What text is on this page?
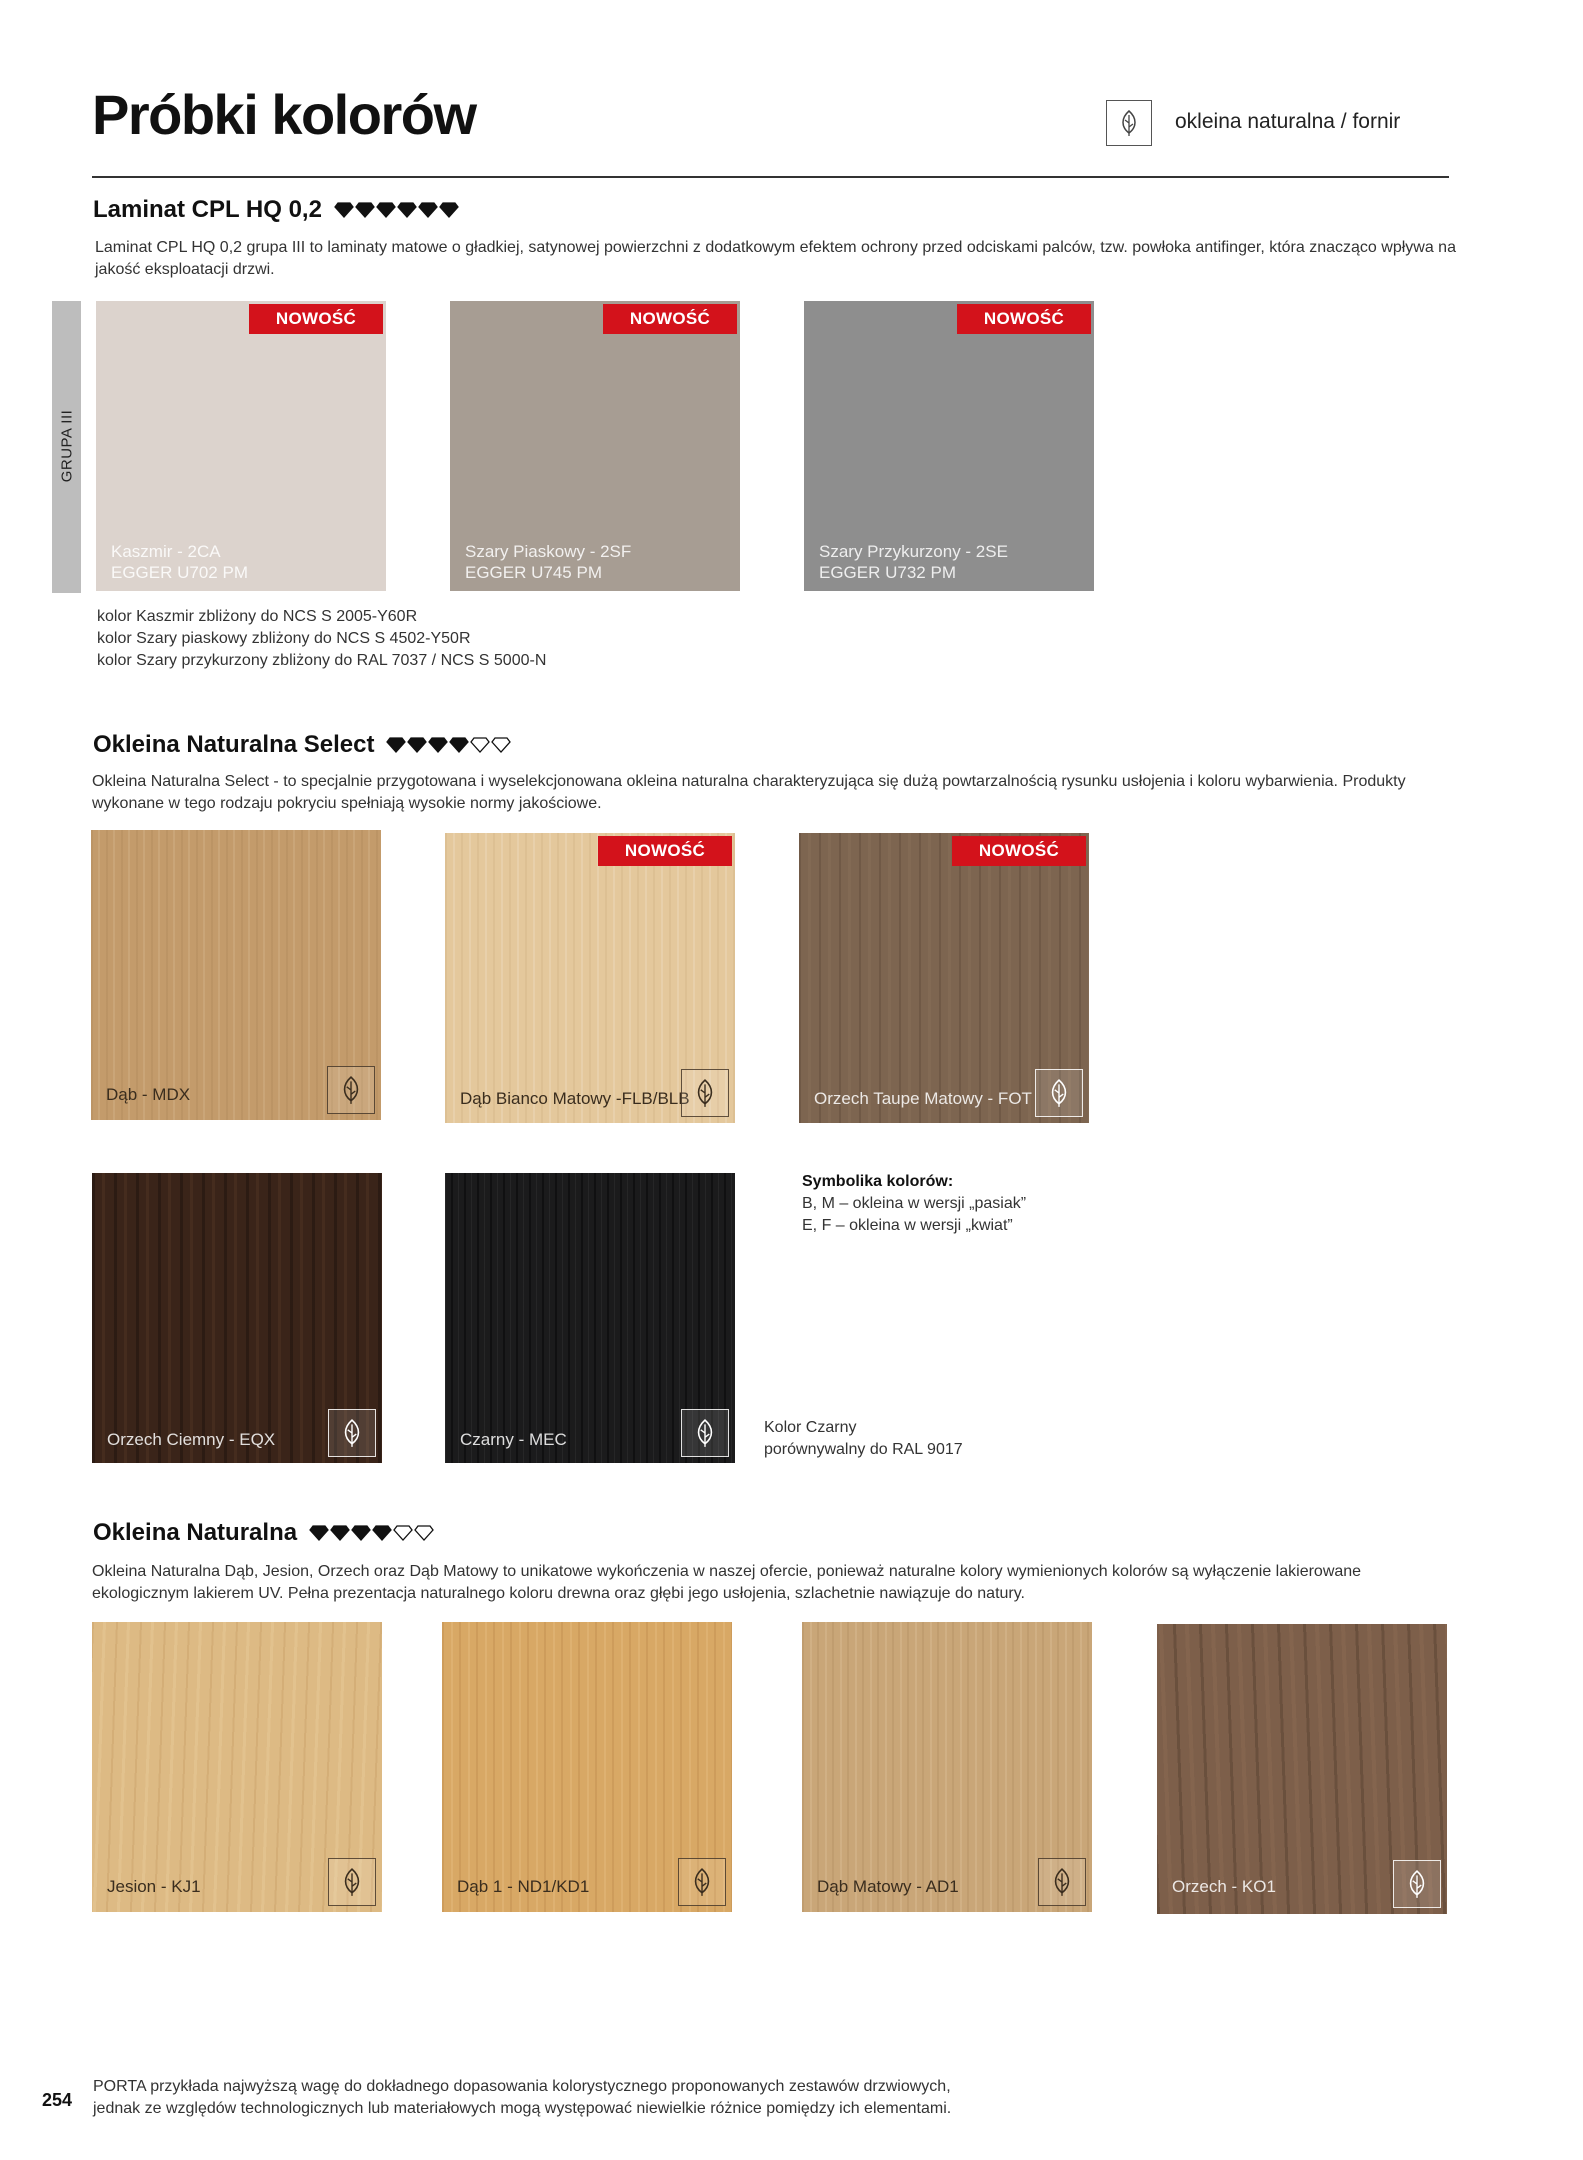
Próbki kolorów	okleina naturalna / fornir
Laminat CPL HQ 0,2
Laminat CPL HQ 0,2 grupa III to laminaty matowe o gładkiej, satynowej powierzchni z dodatkowym efektem ochrony przed odciskami palców, tzw. powłoka antifinger, która znacząco wpływa na jakość eksploatacji drzwi.
GRUPA III
NOWOŚĆ
Kaszmir - 2CA
EGGER U702 PM
NOWOŚĆ
Szary Piaskowy - 2SF
EGGER U745 PM
NOWOŚĆ
Szary Przykurzony - 2SE
EGGER U732 PM
kolor Kaszmir zbliżony do NCS S 2005-Y60R
kolor Szary piaskowy zbliżony do NCS S 4502-Y50R
kolor Szary przykurzony zbliżony do RAL 7037 / NCS S 5000-N
Okleina Naturalna Select
Okleina Naturalna Select - to specjalnie przygotowana i wyselekcjonowana okleina naturalna charakteryzująca się dużą powtarzalnością rysunku usłojenia i koloru wybarwienia. Produkty wykonane w tego rodzaju pokryciu spełniają wysokie normy jakościowe.
Dąb - MDX
NOWOŚĆ
Dąb Bianco Matowy -FLB/BLB
NOWOŚĆ
Orzech Taupe Matowy - FOT
Orzech Ciemny - EQX	Czarny - MEC
Symbolika kolorów:
B, M – okleina w wersji „pasiak”
E, F – okleina w wersji „kwiat”
Kolor Czarny
porównywalny do RAL 9017
Okleina Naturalna
Okleina Naturalna Dąb, Jesion, Orzech oraz Dąb Matowy to unikatowe wykończenia w naszej ofercie, ponieważ naturalne kolory wymienionych kolorów są wyłączenie lakierowane ekologicznym lakierem UV. Pełna prezentacja naturalnego koloru drewna oraz głębi jego usłojenia, szlachetnie nawiązuje do natury.
Jesion - KJ1	Dąb 1 - ND1/KD1	Dąb Matowy - AD1	Orzech - KO1
254
PORTA przykłada najwyższą wagę do dokładnego dopasowania kolorystycznego proponowanych zestawów drzwiowych,
jednak ze względów technologicznych lub materiałowych mogą występować niewielkie różnice pomiędzy ich elementami.
